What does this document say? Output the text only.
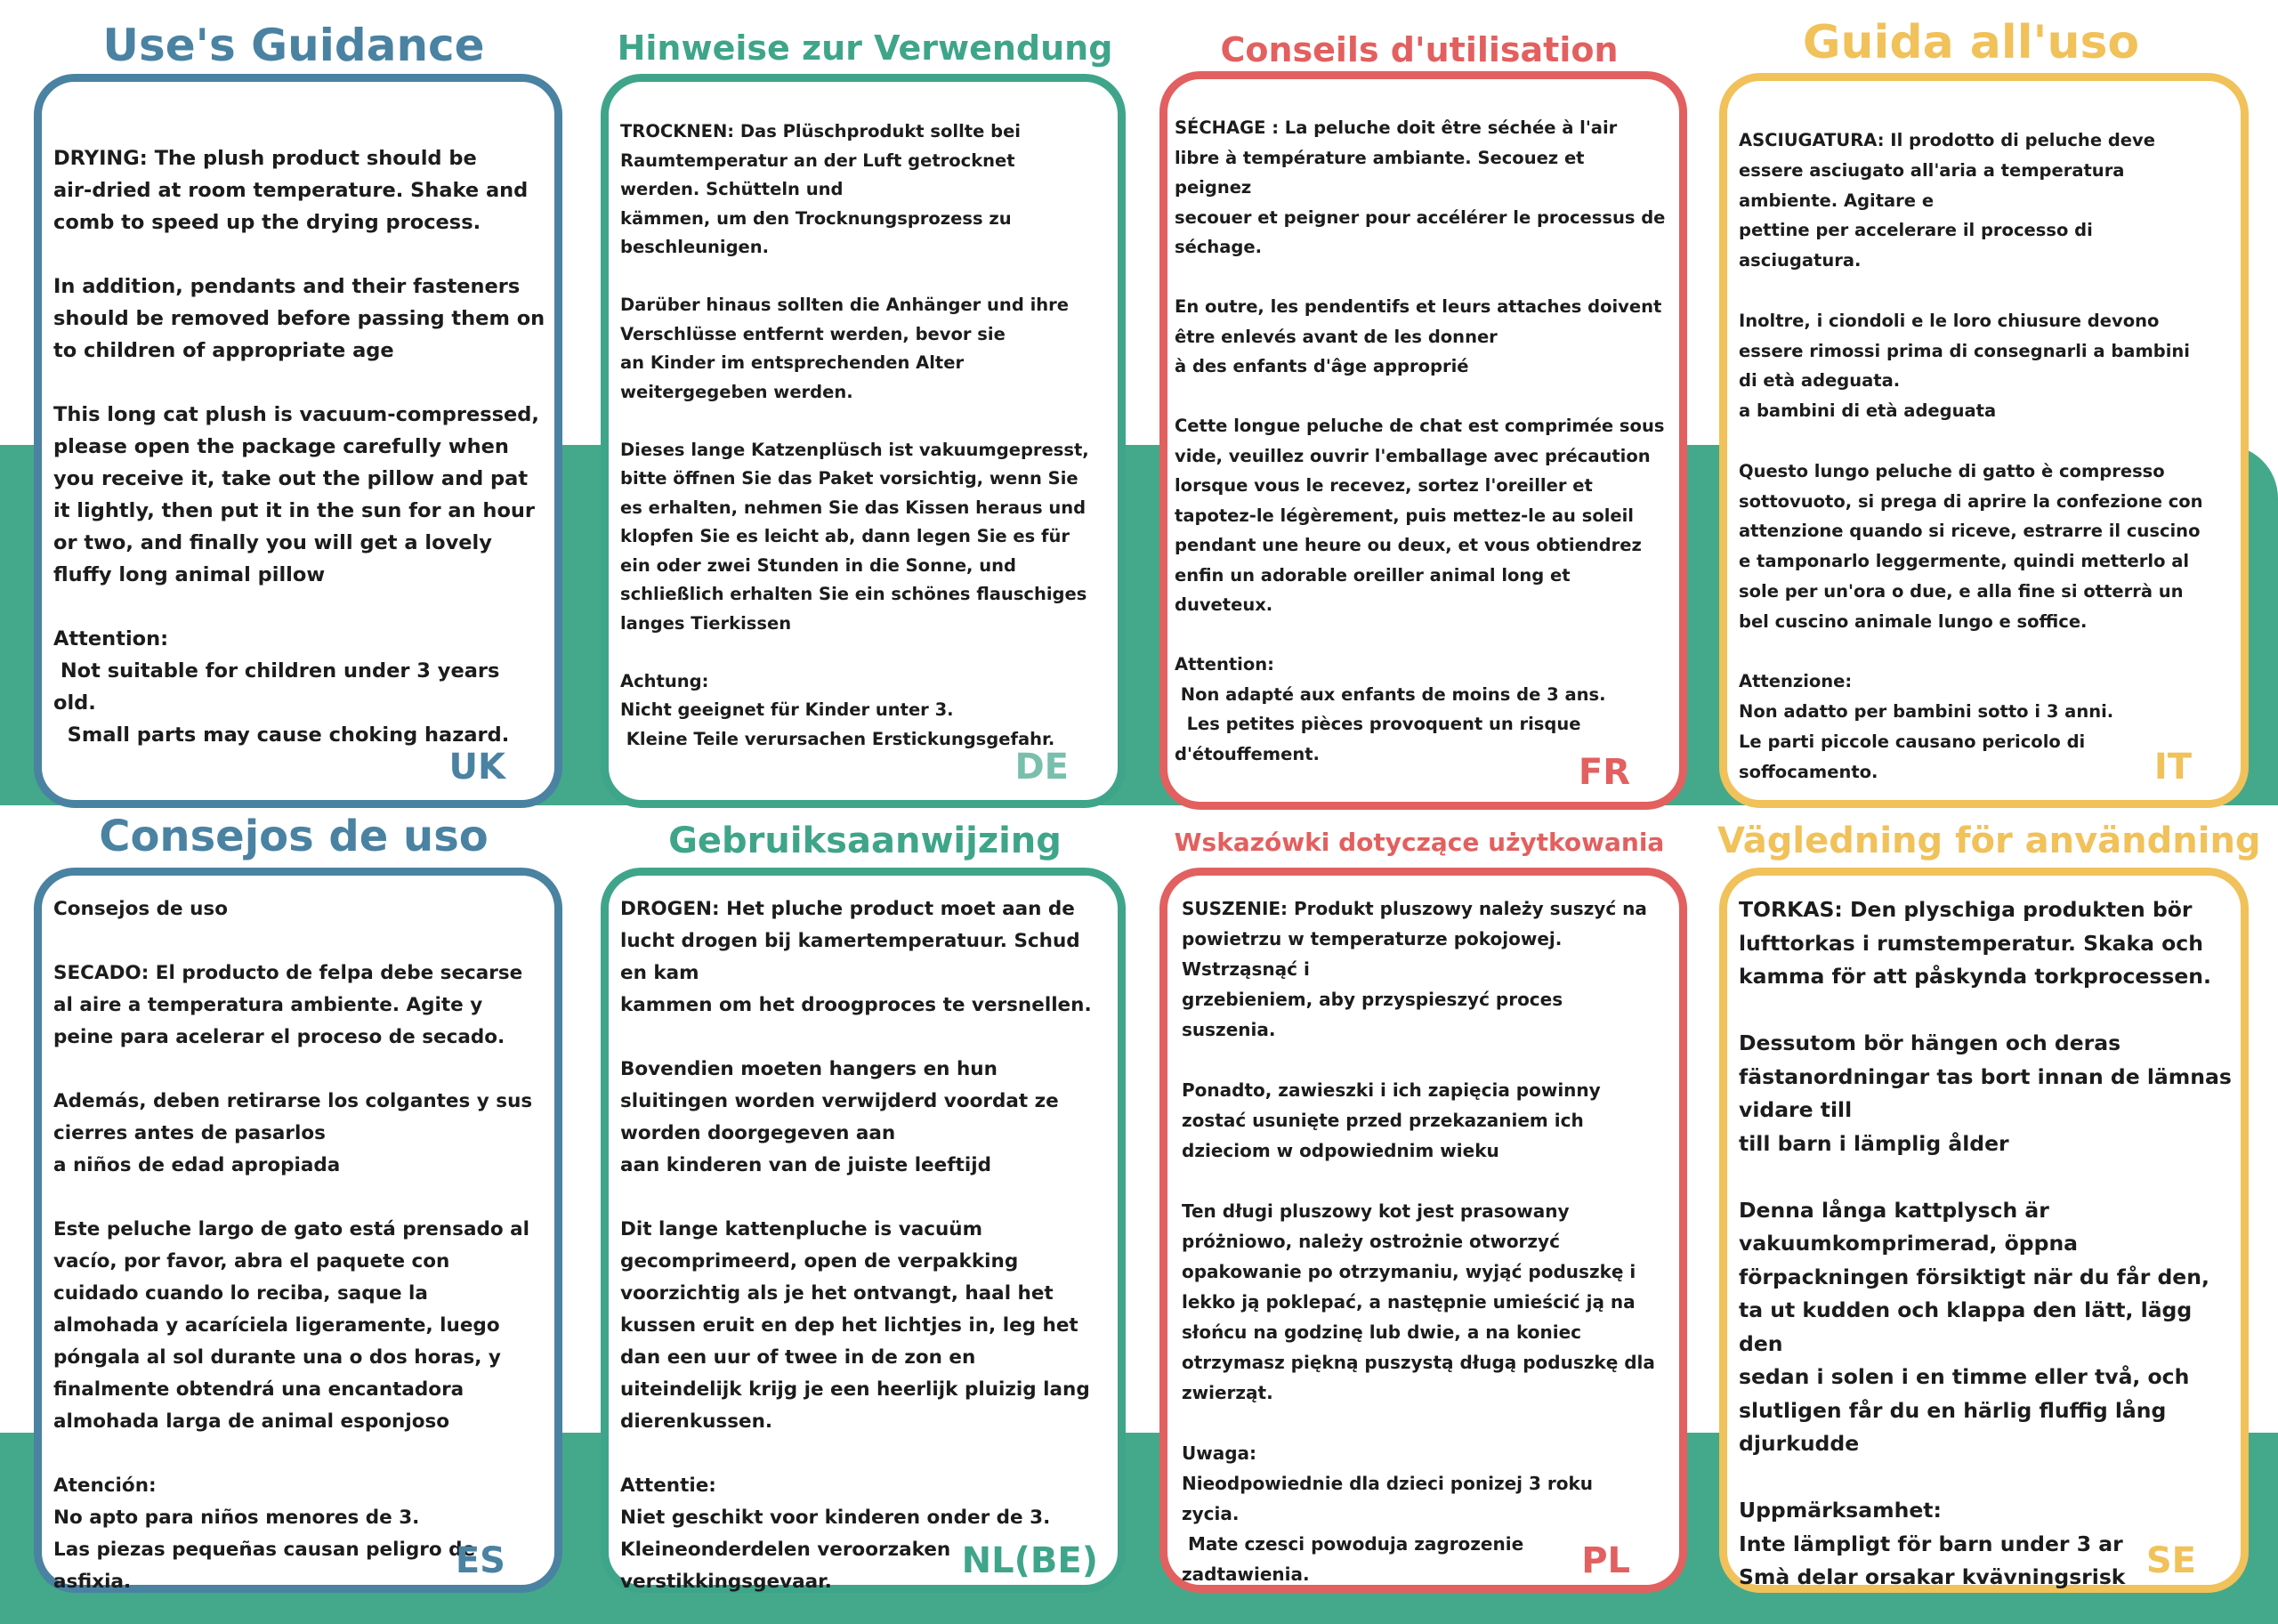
Use's Guidance
DRYING: The plush product should be
air-dried at room temperature. Shake and
comb to speed up the drying process.

In addition, pendants and their fasteners
should be removed before passing them on
to children of appropriate age

This long cat plush is vacuum-compressed,
please open the package carefully when
you receive it, take out the pillow and pat
it lightly, then put it in the sun for an hour
or two, and finally you will get a lovely
fluffy long animal pillow

Attention:
Not suitable for children under 3 years old.
Small parts may cause choking hazard.
UK
Hinweise zur Verwendung
TROCKNEN: Das Plüschprodukt sollte bei
Raumtemperatur an der Luft getrocknet
werden. Schütteln und
kämmen, um den Trocknungsprozess zu
beschleunigen.

Darüber hinaus sollten die Anhänger und ihre
Verschlüsse entfernt werden, bevor sie
an Kinder im entsprechenden Alter
weitergegeben werden.

Dieses lange Katzenplüsch ist vakuumgepresst,
bitte öffnen Sie das Paket vorsichtig, wenn Sie
es erhalten, nehmen Sie das Kissen heraus und
klopfen Sie es leicht ab, dann legen Sie es für
ein oder zwei Stunden in die Sonne, und
schließlich erhalten Sie ein schönes flauschiges
langes Tierkissen

Achtung:
Nicht geeignet für Kinder unter 3.
Kleine Teile verursachen Erstickungsgefahr.
DE
Conseils d'utilisation
SÉCHAGE : La peluche doit être séchée à l'air
libre à température ambiante. Secouez et
peignez
secouer et peigner pour accélérer le processus de
séchage.

En outre, les pendentifs et leurs attaches doivent
être enlevés avant de les donner
à des enfants d'âge approprié

Cette longue peluche de chat est comprimée sous
vide, veuillez ouvrir l'emballage avec précaution
lorsque vous le recevez, sortez l'oreiller et
tapotez-le légèrement, puis mettez-le au soleil
pendant une heure ou deux, et vous obtiendrez
enfin un adorable oreiller animal long et
duveteux.

Attention:
Non adapté aux enfants de moins de 3 ans.
Les petites pièces provoquent un risque
d'étouffement.	FR
Guida all'uso
ASCIUGATURA: Il prodotto di peluche deve
essere asciugato all'aria a temperatura
ambiente. Agitare e
pettine per accelerare il processo di
asciugatura.

Inoltre, i ciondoli e le loro chiusure devono
essere rimossi prima di consegnarli a bambini
di età adeguata.
a bambini di età adeguata

Questo lungo peluche di gatto è compresso
sottovuoto, si prega di aprire la confezione con
attenzione quando si riceve, estrarre il cuscino
e tamponarlo leggermente, quindi metterlo al
sole per un'ora o due, e alla fine si otterrà un
bel cuscino animale lungo e soffice.

Attenzione:
Non adatto per bambini sotto i 3 anni.
Le parti piccole causano pericolo di
soffocamento.	IT
Consejos de uso
Consejos de uso

SECADO: El producto de felpa debe secarse
al aire a temperatura ambiente. Agite y
peine para acelerar el proceso de secado.

Además, deben retirarse los colgantes y sus
cierres antes de pasarlos
a niños de edad apropiada

Este peluche largo de gato está prensado al
vacío, por favor, abra el paquete con
cuidado cuando lo reciba, saque la
almohada y acarícielа ligeramente, luego
póngala al sol durante una o dos horas, y
finalmente obtendrá una encantadora
almohada larga de animal esponjoso

Atención:
No apto para niños menores de 3.
Las piezas pequeñas causan peligro de
asfixia.
ES
Gebruiksaanwijzing
DROGEN: Het pluche product moet aan de
lucht drogen bij kamertemperatuur. Schud
en kam
kammen om het droogproces te versnellen.

Bovendien moeten hangers en hun
sluitingen worden verwijderd voordat ze
worden doorgegeven aan
aan kinderen van de juiste leeftijd

Dit lange kattenpluche is vacuüm
gecomprimeerd, open de verpakking
voorzichtig als je het ontvangt, haal het
kussen eruit en dep het lichtjes in, leg het
dan een uur of twee in de zon en
uiteindelijk krijg je een heerlijk pluizig lang
dierenkussen.

Attentie:
Niet geschikt voor kinderen onder de 3.
Kleineonderdelen veroorzaken
verstikkingsgevaar.
NL(BE)
Wskazówki dotyczące użytkowania
SUSZENIE: Produkt pluszowy należy suszyć na
powietrzu w temperaturze pokojowej.
Wstrząsnąć i
grzebieniem, aby przyspieszyć proces
suszenia.

Ponadto, zawieszki i ich zapięcia powinny
zostać usunięte przed przekazaniem ich
dzieciom w odpowiednim wieku

Ten długi pluszowy kot jest prasowany
próżniowo, należy ostrożnie otworzyć
opakowanie po otrzymaniu, wyjąć poduszkę i
lekko ją poklepać, a następnie umieścić ją na
słońcu na godzinę lub dwie, a na koniec
otrzymasz piękną puszystą długą poduszkę dla
zwierząt.

Uwaga:
Nieodpowiednie dla dzieci ponizej 3 roku
zycia.
Mate czesci powoduja zagrozenie
zadtawienia.	PL
Vägledning för användning
TORKAS: Den plyschiga produkten bör
lufttorkas i rumstemperatur. Skaka och
kamma för att påskynda torkprocessen.

Dessutom bör hängen och deras
fästanordningar tas bort innan de lämnas
vidare till
till barn i lämplig ålder

Denna långa kattplysch är
vakuumkomprimerad, öppna
förpackningen försiktigt när du får den,
ta ut kudden och klappa den lätt, lägg den
sedan i solen i en timme eller två, och
slutligen får du en härlig fluffig lång
djurkudde

Uppmärksamhet:
Inte lämpligt för barn under 3 ar
Smà delar orsakar kvävningsrisk SE
